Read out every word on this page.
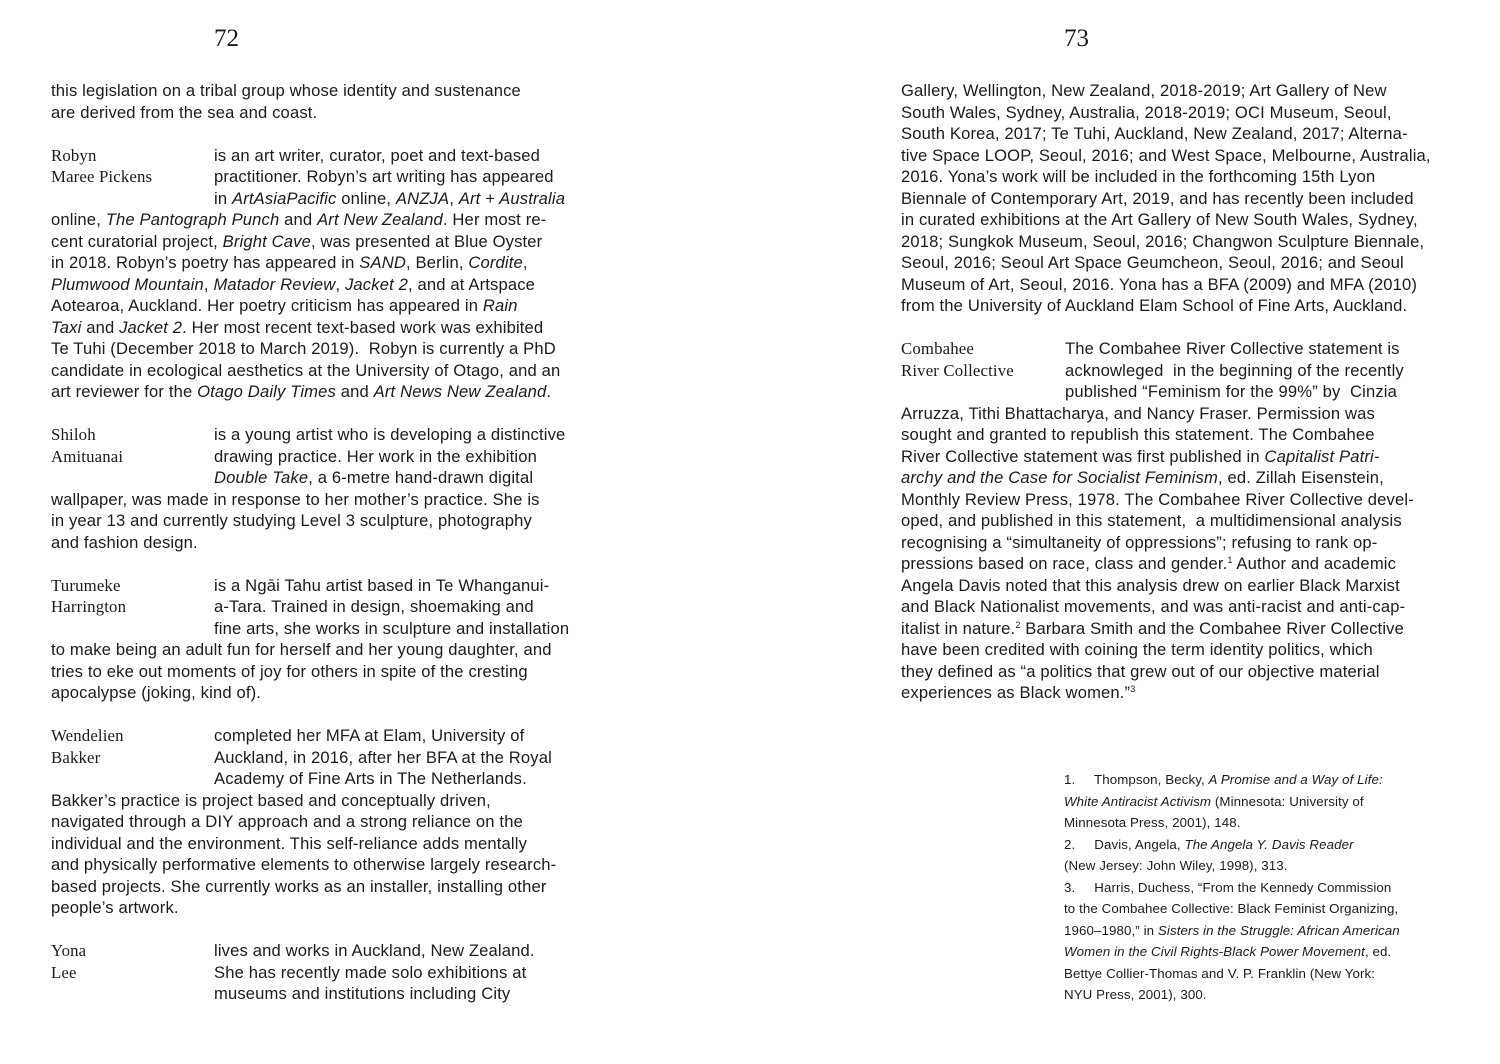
72	73
this legislation on a tribal group whose identity and sustenance
are derived from the sea and coast.
Robyn	is an art writer, curator, poet and text-based
Maree Pickens	practitioner. Robyn’s art writing has appeared
in ArtAsiaPacific online, ANZJA, Art + Australia
online, The Pantograph Punch and Art New Zealand. Her most re-
cent curatorial project, Bright Cave, was presented at Blue Oyster
in 2018. Robyn’s poetry has appeared in SAND, Berlin, Cordite,
Plumwood Mountain, Matador Review, Jacket 2, and at Artspace
Aotearoa, Auckland. Her poetry criticism has appeared in Rain
Taxi and Jacket 2. Her most recent text-based work was exhibited
Te Tuhi (December 2018 to March 2019).  Robyn is currently a PhD
candidate in ecological aesthetics at the University of Otago, and an
art reviewer for the Otago Daily Times and Art News New Zealand.
Shiloh	is a young artist who is developing a distinctive
Amituanai	drawing practice. Her work in the exhibition
Double Take, a 6-metre hand-drawn digital
wallpaper, was made in response to her mother’s practice. She is
in year 13 and currently studying Level 3 sculpture, photography
and fashion design.
Turumeke	is a Ngāi Tahu artist based in Te Whanganui-
Harrington	a-Tara. Trained in design, shoemaking and
fine arts, she works in sculpture and installation
to make being an adult fun for herself and her young daughter, and
tries to eke out moments of joy for others in spite of the cresting
apocalypse (joking, kind of).
Wendelien	completed her MFA at Elam, University of
Bakker	Auckland, in 2016, after her BFA at the Royal
Academy of Fine Arts in The Netherlands.
Bakker’s practice is project based and conceptually driven,
navigated through a DIY approach and a strong reliance on the
individual and the environment. This self-reliance adds mentally
and physically performative elements to otherwise largely research-
based projects. She currently works as an installer, installing other
people’s artwork.
Yona	lives and works in Auckland, New Zealand.
Lee	She has recently made solo exhibitions at
museums and institutions including City
Gallery, Wellington, New Zealand, 2018-2019; Art Gallery of New
South Wales, Sydney, Australia, 2018-2019; OCI Museum, Seoul,
South Korea, 2017; Te Tuhi, Auckland, New Zealand, 2017; Alterna-
tive Space LOOP, Seoul, 2016; and West Space, Melbourne, Australia,
2016. Yona’s work will be included in the forthcoming 15th Lyon
Biennale of Contemporary Art, 2019, and has recently been included
in curated exhibitions at the Art Gallery of New South Wales, Sydney,
2018; Sungkok Museum, Seoul, 2016; Changwon Sculpture Biennale,
Seoul, 2016; Seoul Art Space Geumcheon, Seoul, 2016; and Seoul
Museum of Art, Seoul, 2016. Yona has a BFA (2009) and MFA (2010)
from the University of Auckland Elam School of Fine Arts, Auckland.
Combahee	The Combahee River Collective statement is
River Collective	acknowleged  in the beginning of the recently
published “Feminism for the 99%” by  Cinzia
Arruzza, Tithi Bhattacharya, and Nancy Fraser. Permission was
sought and granted to republish this statement. The Combahee
River Collective statement was first published in Capitalist Patri-
archy and the Case for Socialist Feminism, ed. Zillah Eisenstein,
Monthly Review Press, 1978. The Combahee River Collective devel-
oped, and published in this statement,  a multidimensional analysis
recognising a “simultaneity of oppressions”; refusing to rank op-
pressions based on race, class and gender.$^1$ Author and academic
Angela Davis noted that this analysis drew on earlier Black Marxist
and Black Nationalist movements, and was anti-racist and anti-cap-
italist in nature.$^2$ Barbara Smith and the Combahee River Collective
have been credited with coining the term identity politics, which
they defined as “a politics that grew out of our objective material
experiences as Black women.”$^3$
1.     Thompson, Becky, A Promise and a Way of Life:
White Antiracist Activism (Minnesota: University of
Minnesota Press, 2001), 148.
2.     Davis, Angela, The Angela Y. Davis Reader
(New Jersey: John Wiley, 1998), 313.
3.     Harris, Duchess, “From the Kennedy Commission
to the Combahee Collective: Black Feminist Organizing,
1960–1980,” in Sisters in the Struggle: African American
Women in the Civil Rights-Black Power Movement, ed.
Bettye Collier-Thomas and V. P. Franklin (New York:
NYU Press, 2001), 300.
